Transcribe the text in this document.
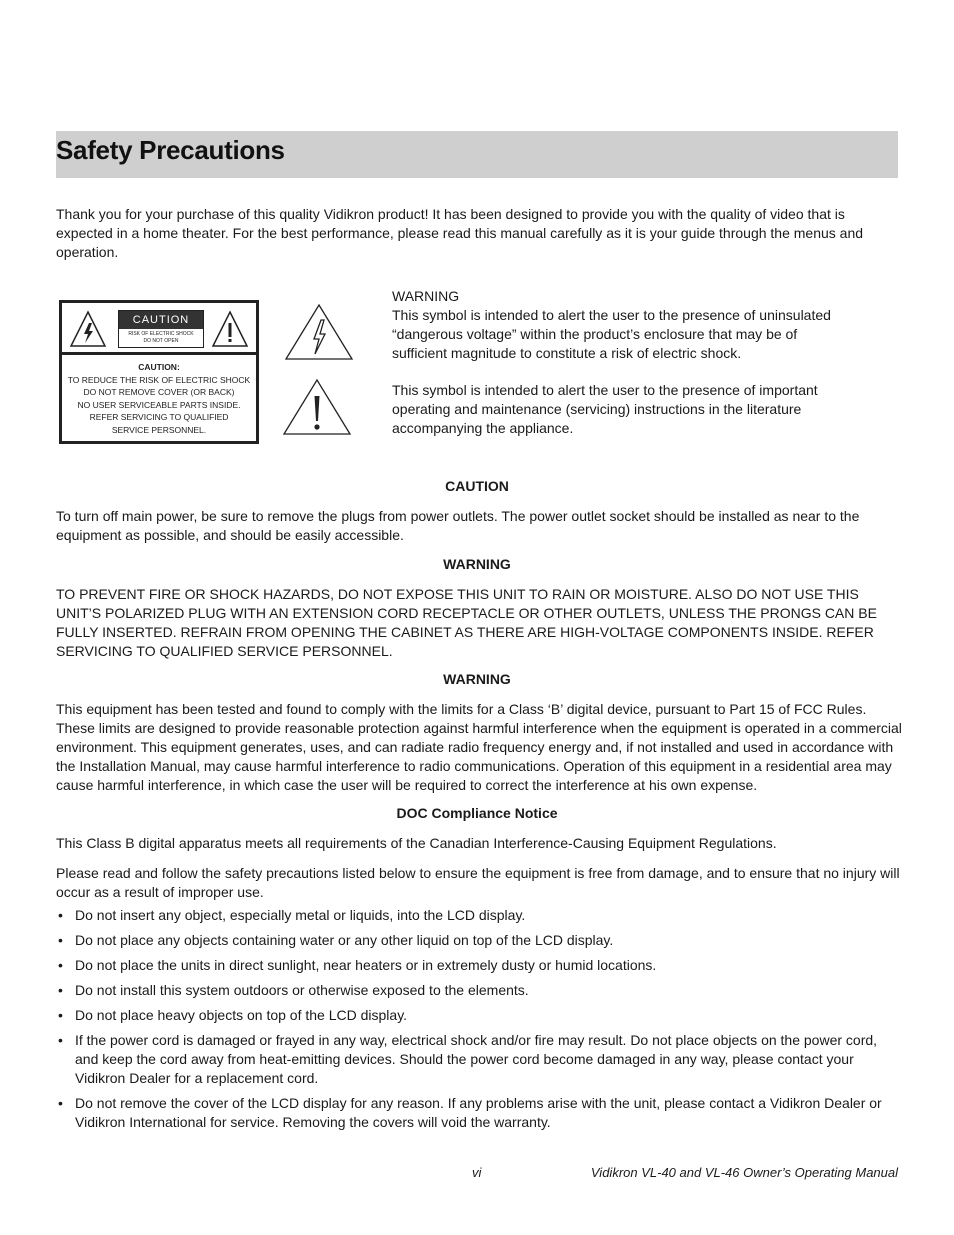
Safety Precautions

Thank you for your purchase of this quality Vidikron product! It has been designed to provide you with the quality of video that is expected in a home theater. For the best performance, please read this manual carefully as it is your guide through the menus and operation.

CAUTION
RISK OF ELECTRIC SHOCK
DO NOT OPEN
CAUTION:
TO REDUCE THE RISK OF ELECTRIC SHOCK
DO NOT REMOVE COVER (OR BACK)
NO USER SERVICEABLE PARTS INSIDE.
REFER SERVICING TO QUALIFIED
SERVICE PERSONNEL.
WARNING
This symbol is intended to alert the user to the presence of uninsulated “dangerous voltage” within the product’s enclosure that may be of sufficient magnitude to constitute a risk of electric shock.
This symbol is intended to alert the user to the presence of important operating and maintenance (servicing) instructions in the literature accompanying the appliance.
CAUTION

To turn off main power, be sure to remove the plugs from power outlets. The power outlet socket should be installed as near to the equipment as possible, and should be easily accessible.

WARNING

TO PREVENT FIRE OR SHOCK HAZARDS, DO NOT EXPOSE THIS UNIT TO RAIN OR MOISTURE. ALSO DO NOT USE THIS UNIT’S POLARIZED PLUG WITH AN EXTENSION CORD RECEPTACLE OR OTHER OUTLETS, UNLESS THE PRONGS CAN BE FULLY INSERTED. REFRAIN FROM OPENING THE CABINET AS THERE ARE HIGH-VOLTAGE COMPONENTS INSIDE. REFER SERVICING TO QUALIFIED SERVICE PERSONNEL.

WARNING

This equipment has been tested and found to comply with the limits for a Class ‘B’ digital device, pursuant to Part 15 of FCC Rules. These limits are designed to provide reasonable protection against harmful interference when the equipment is operated in a commercial environment. This equipment generates, uses, and can radiate radio frequency energy and, if not installed and used in accordance with the Installation Manual, may cause harmful interference to radio communications. Operation of this equipment in a residential area may cause harmful interference, in which case the user will be required to correct the interference at his own expense.

DOC Compliance Notice

This Class B digital apparatus meets all requirements of the Canadian Interference-Causing Equipment Regulations.

Please read and follow the safety precautions listed below to ensure the equipment is free from damage, and to ensure that no injury will occur as a result of improper use.

• Do not insert any object, especially metal or liquids, into the LCD display.
• Do not place any objects containing water or any other liquid on top of the LCD display.
• Do not place the units in direct sunlight, near heaters or in extremely dusty or humid locations.
• Do not install this system outdoors or otherwise exposed to the elements.
• Do not place heavy objects on top of the LCD display.
• If the power cord is damaged or frayed in any way, electrical shock and/or fire may result. Do not place objects on the power cord, and keep the cord away from heat-emitting devices. Should the power cord become damaged in any way, please contact your Vidikron Dealer for a replacement cord.
• Do not remove the cover of the LCD display for any reason. If any problems arise with the unit, please contact a Vidikron Dealer or Vidikron International for service. Removing the covers will void the warranty.
vi	Vidikron VL-40 and VL-46 Owner’s Operating Manual
